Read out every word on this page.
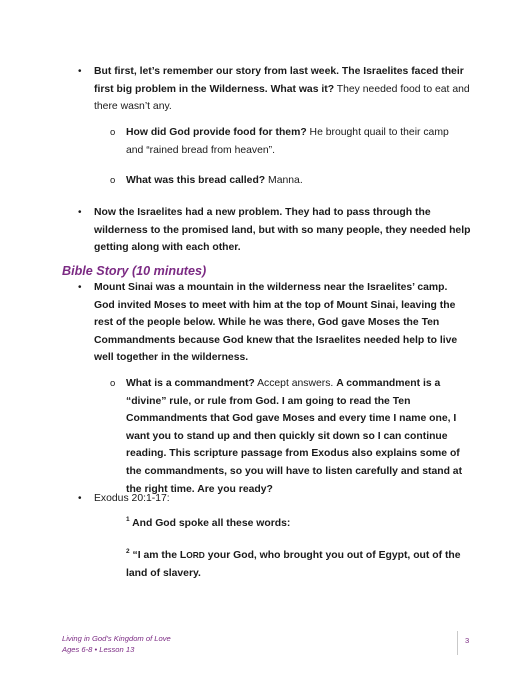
• But first, let’s remember our story from last week. The Israelites faced their first big problem in the Wilderness. What was it? They needed food to eat and there wasn’t any.
o How did God provide food for them? He brought quail to their camp and “rained bread from heaven”.
o What was this bread called? Manna.
• Now the Israelites had a new problem. They had to pass through the wilderness to the promised land, but with so many people, they needed help getting along with each other.
Bible Story (10 minutes)
• Mount Sinai was a mountain in the wilderness near the Israelites’ camp. God invited Moses to meet with him at the top of Mount Sinai, leaving the rest of the people below. While he was there, God gave Moses the Ten Commandments because God knew that the Israelites needed help to live well together in the wilderness.
o What is a commandment? Accept answers. A commandment is a “divine” rule, or rule from God. I am going to read the Ten Commandments that God gave Moses and every time I name one, I want you to stand up and then quickly sit down so I can continue reading. This scripture passage from Exodus also explains some of the commandments, so you will have to listen carefully and stand at the right time. Are you ready?
• Exodus 20:1-17:
$^1$ And God spoke all these words:
$^2$ “I am the LORD your God, who brought you out of Egypt, out of the land of slavery.
Living in God’s Kingdom of Love
Ages 6-8 • Lesson 13
3
